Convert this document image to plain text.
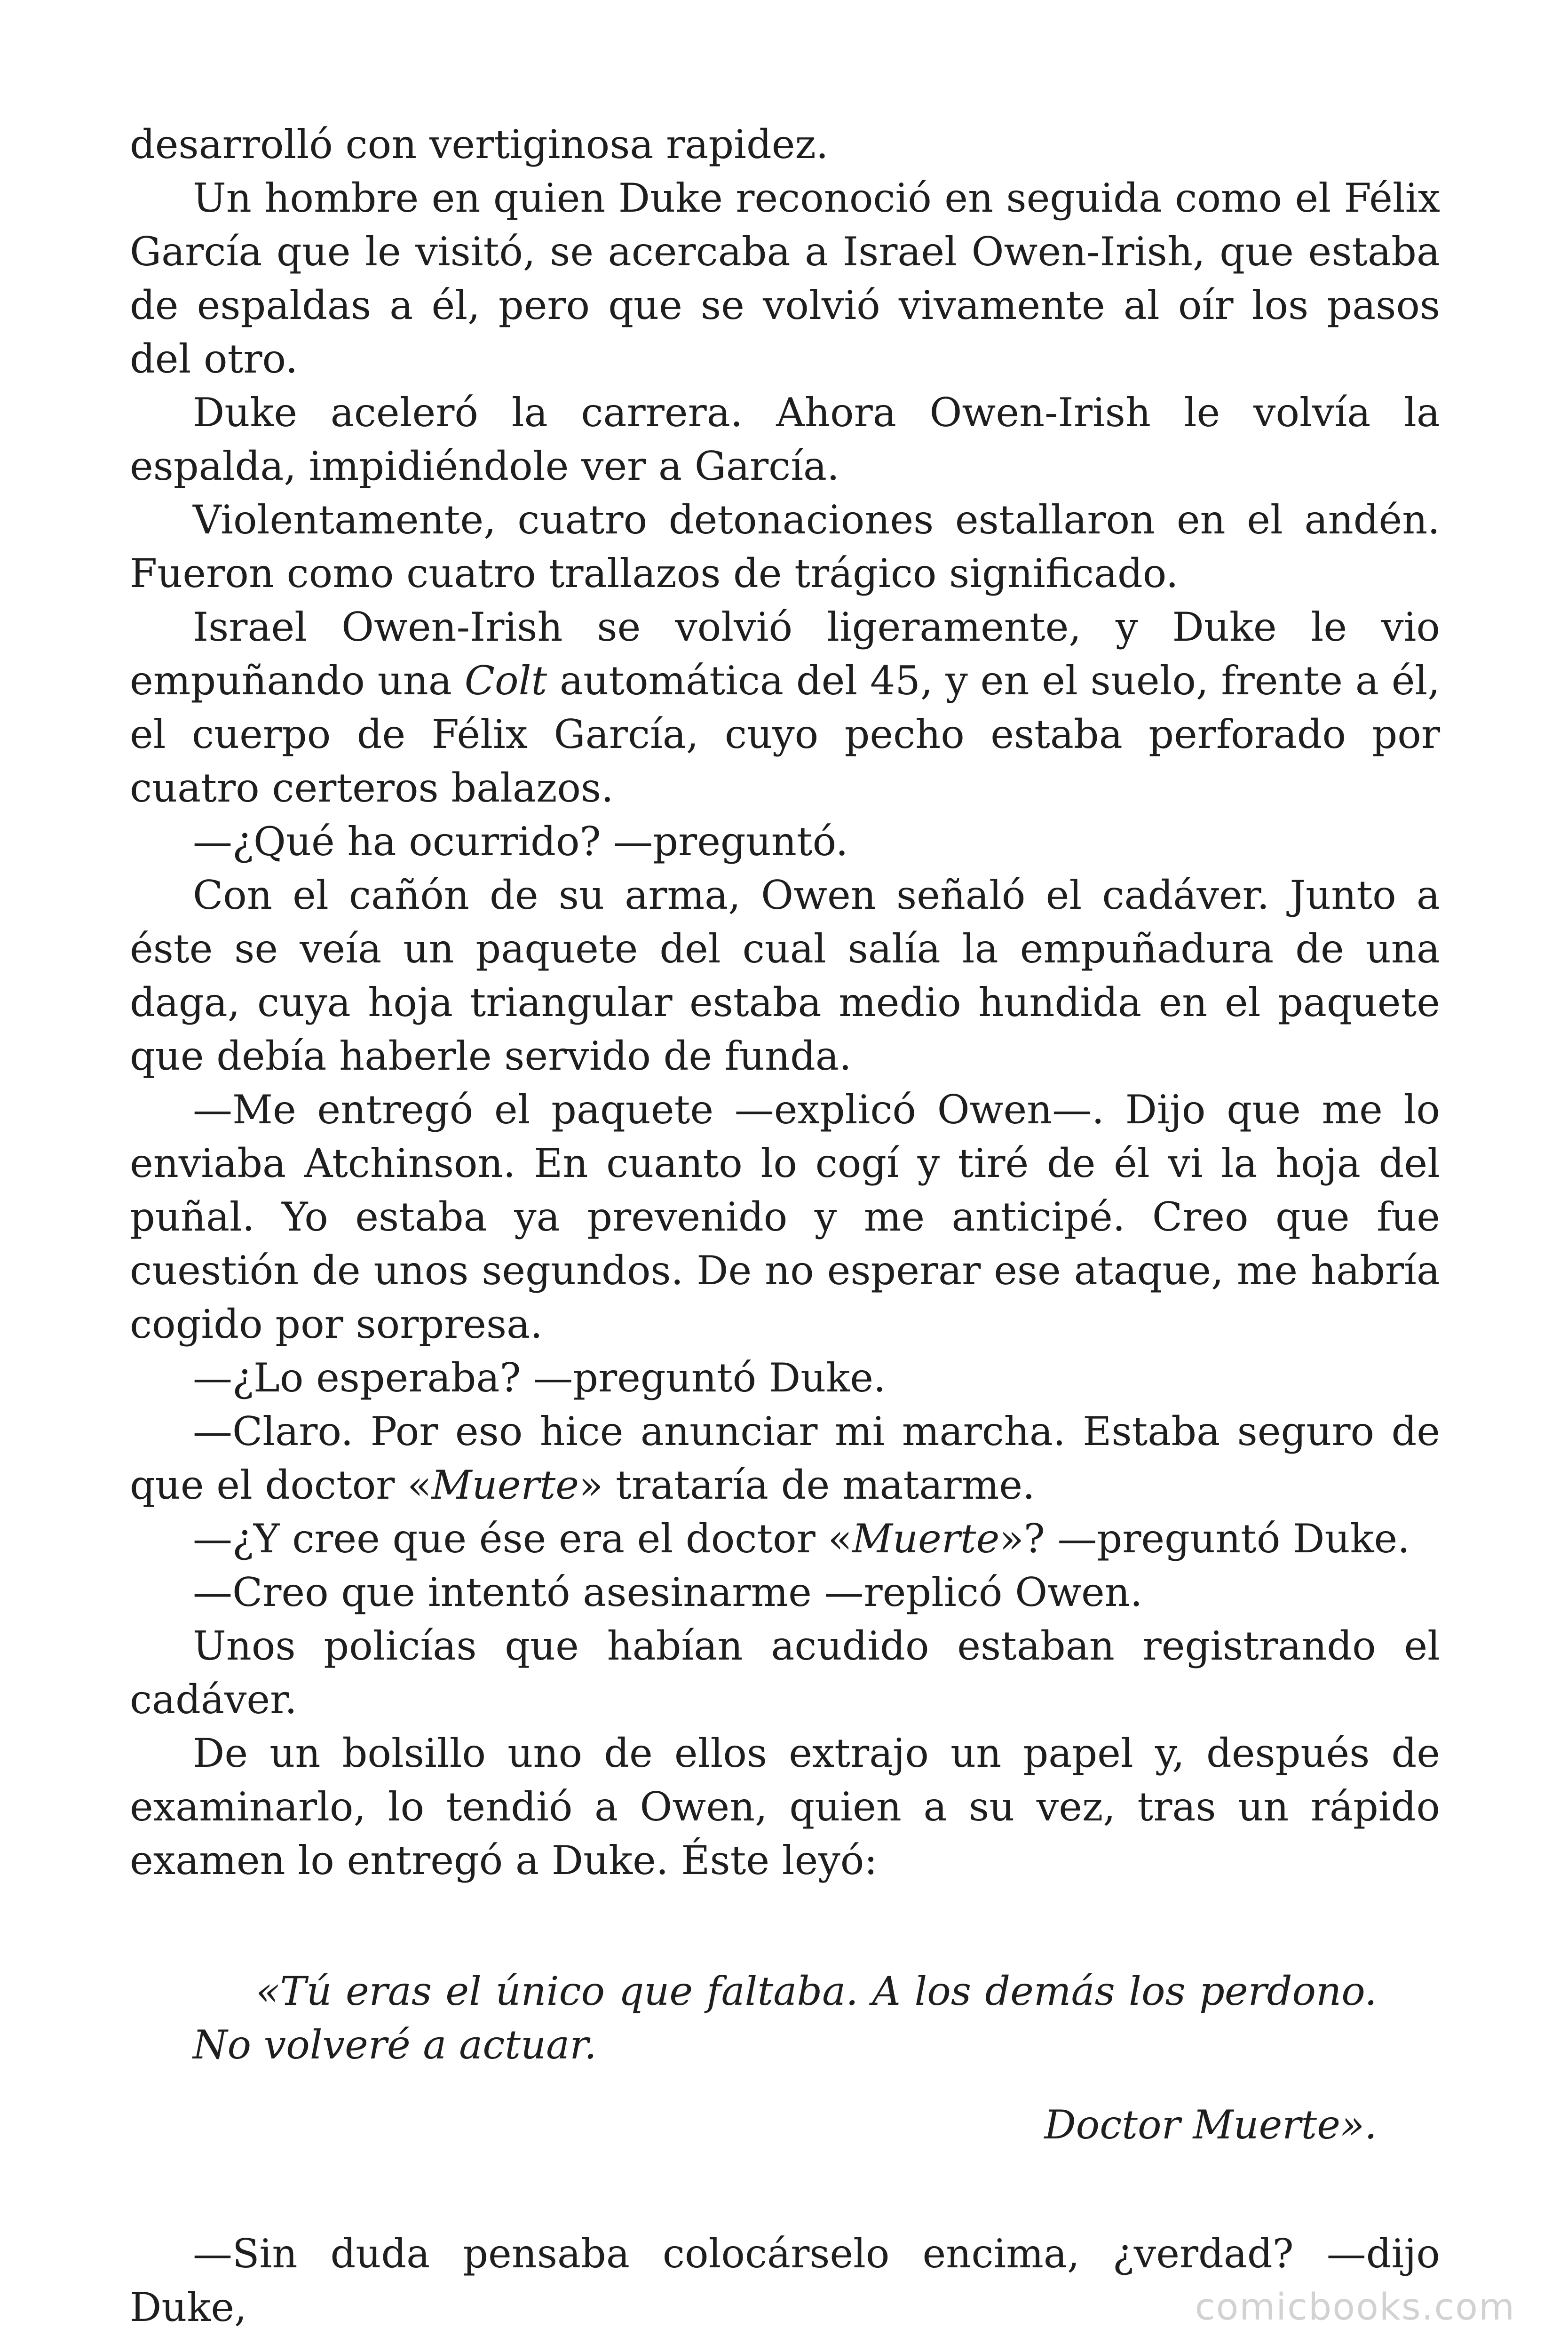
desarrolló con vertiginosa rapidez.

Un hombre en quien Duke reconoció en seguida como el Félix García que le visitó, se acercaba a Israel Owen-Irish, que estaba de espaldas a él, pero que se volvió vivamente al oír los pasos del otro.

Duke aceleró la carrera. Ahora Owen-Irish le volvía la espalda, impidiéndole ver a García.

Violentamente, cuatro detonaciones estallaron en el andén. Fueron como cuatro trallazos de trágico significado.

Israel Owen-Irish se volvió ligeramente, y Duke le vio empuñando una Colt automática del 45, y en el suelo, frente a él, el cuerpo de Félix García, cuyo pecho estaba perforado por cuatro certeros balazos.

—¿Qué ha ocurrido? —preguntó.

Con el cañón de su arma, Owen señaló el cadáver. Junto a éste se veía un paquete del cual salía la empuñadura de una daga, cuya hoja triangular estaba medio hundida en el paquete que debía haberle servido de funda.

—Me entregó el paquete —explicó Owen—. Dijo que me lo enviaba Atchinson. En cuanto lo cogí y tiré de él vi la hoja del puñal. Yo estaba ya prevenido y me anticipé. Creo que fue cuestión de unos segundos. De no esperar ese ataque, me habría cogido por sorpresa.

—¿Lo esperaba? —preguntó Duke.

—Claro. Por eso hice anunciar mi marcha. Estaba seguro de que el doctor «Muerte» trataría de matarme.

—¿Y cree que ése era el doctor «Muerte»? —preguntó Duke.

—Creo que intentó asesinarme —replicó Owen.

Unos policías que habían acudido estaban registrando el cadáver.

De un bolsillo uno de ellos extrajo un papel y, después de examinarlo, lo tendió a Owen, quien a su vez, tras un rápido examen lo entregó a Duke. Éste leyó:

«Tú eras el único que faltaba. A los demás los perdono. No volveré a actuar.

Doctor Muerte».

—Sin duda pensaba colocárselo encima, ¿verdad? —dijo Duke,	comicbooks.com
